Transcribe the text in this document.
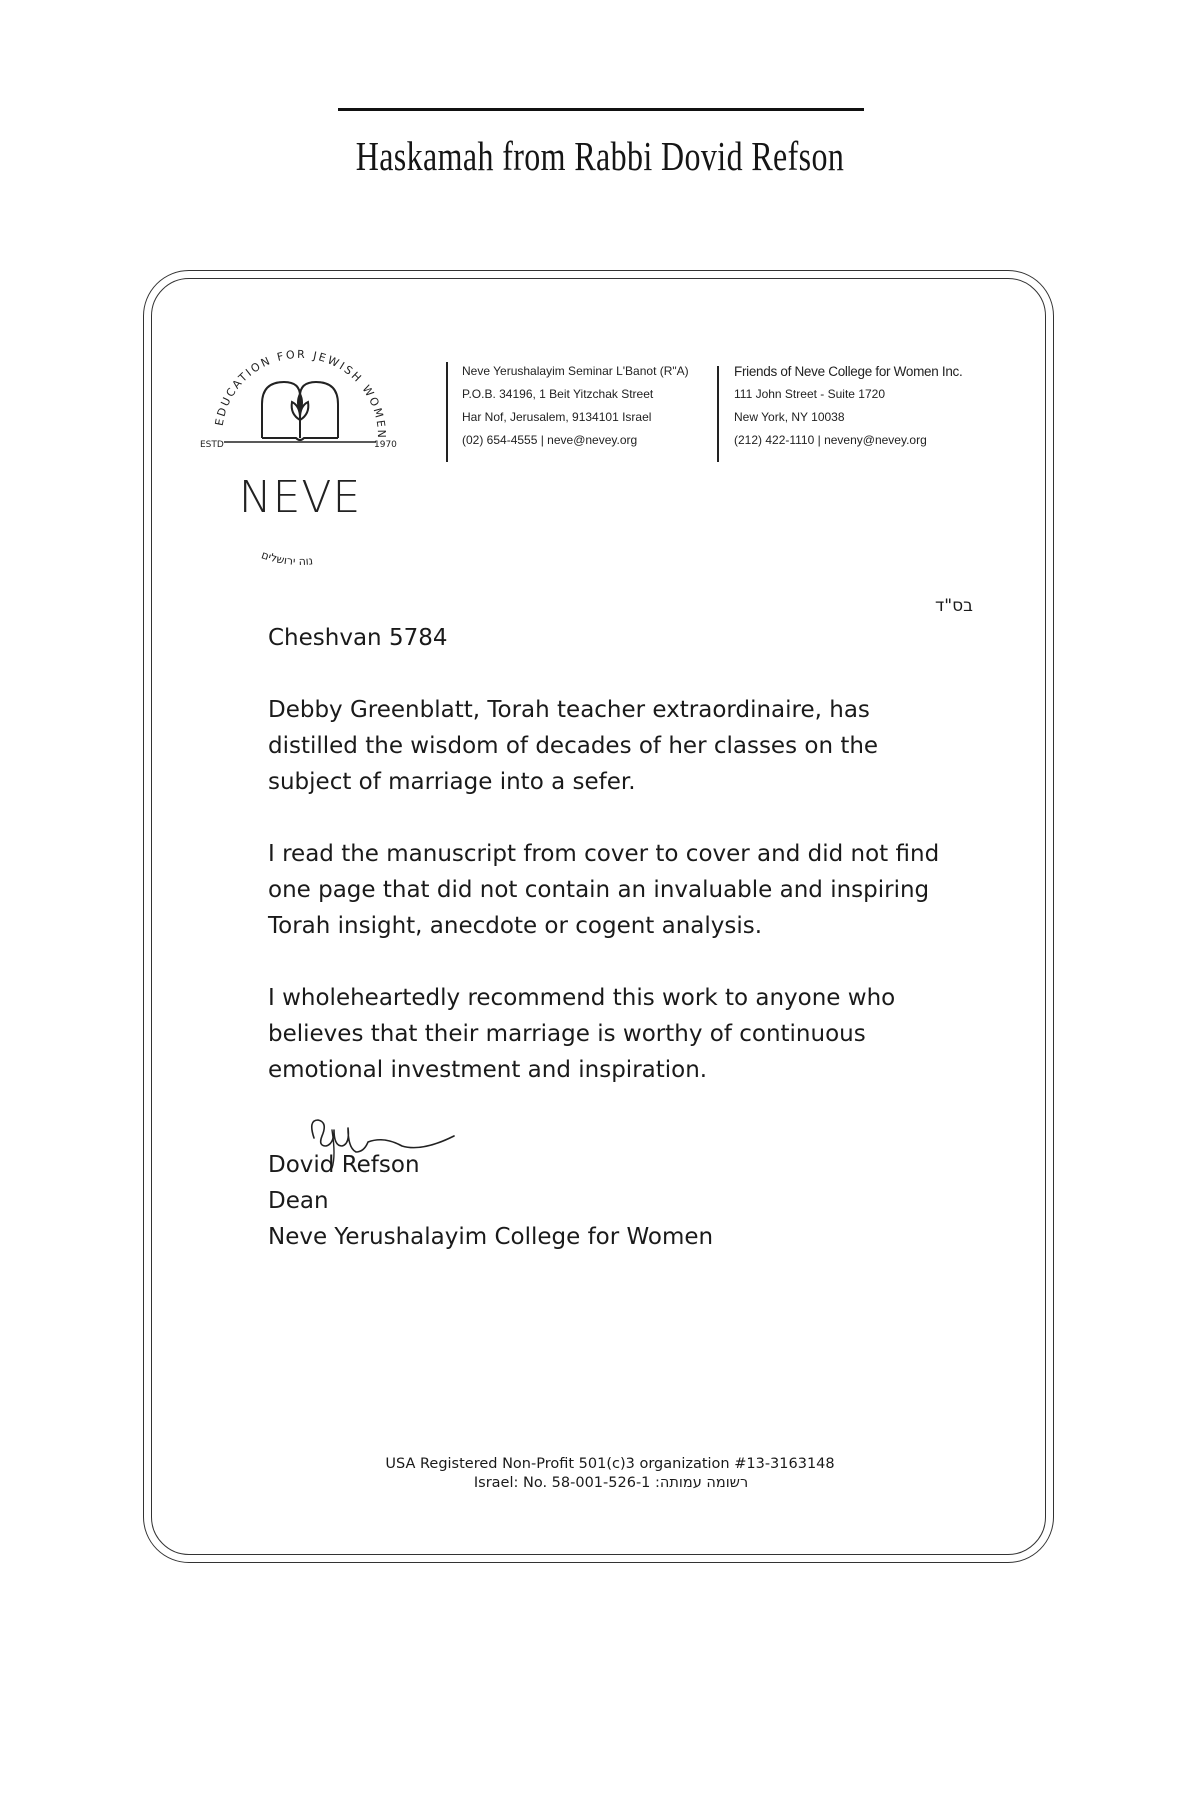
Haskamah from Rabbi Dovid Refson
EDUCATION FOR JEWISH WOMEN
ESTD	1970
NEVE
נוה ירושלים
Neve Yerushalayim Seminar L'Banot (R"A)
P.O.B. 34196, 1 Beit Yitzchak Street
Har Nof, Jerusalem, 9134101 Israel
(02) 654-4555 | neve@nevey.org
Friends of Neve College for Women Inc.
111 John Street - Suite 1720
New York, NY 10038
(212) 422-1110 | neveny@nevey.org
בס"ד

Cheshvan 5784

Debby Greenblatt, Torah teacher extraordinaire, has
distilled the wisdom of decades of her classes on the
subject of marriage into a sefer.
I read the manuscript from cover to cover and did not find
one page that did not contain an invaluable and inspiring
Torah insight, anecdote or cogent analysis.
I wholeheartedly recommend this work to anyone who
believes that their marriage is worthy of continuous
emotional investment and inspiration.
Dovid Refson
Dean
Neve Yerushalayim College for Women
USA Registered Non-Profit 501(c)3 organization #13-3163148
Israel: No. 58-001-526-1 :רשומה עמותה
